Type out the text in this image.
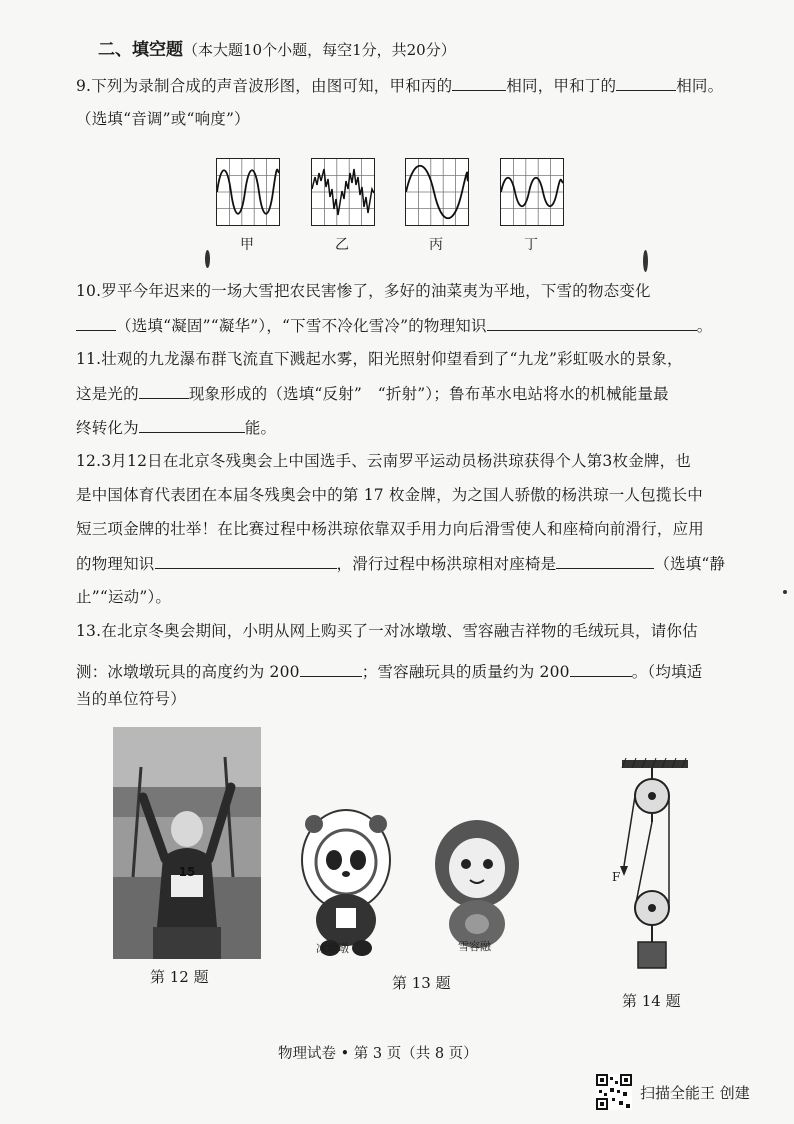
二、填空题（本大题10个小题，每空1分，共20分）
9.下列为录制合成的声音波形图，由图可知，甲和丙的	相同，甲和丁的	相同。
（选填“音调”或“响度”）
甲	乙	丙	丁
10.罗平今年迟来的一场大雪把农民害惨了，多好的油菜夷为平地，下雪的物态变化
（选填“凝固”“凝华”），“下雪不冷化雪冷”的物理知识	。
11.壮观的九龙瀑布群飞流直下溅起水雾，阳光照射仰望看到了“九龙”彩虹吸水的景象，
这是光的	现象形成的（选填“反射”　“折射”）；鲁布革水电站将水的机械能量最
终转化为	能。
12.3月12日在北京冬残奥会上中国选手、云南罗平运动员杨洪琼获得个人第3枚金牌，也
是中国体育代表团在本届冬残奥会中的第 17 枚金牌，为之国人骄傲的杨洪琼一人包揽长中
短三项金牌的壮举！在比赛过程中杨洪琼依靠双手用力向后滑雪使人和座椅向前滑行，应用
的物理知识	，滑行过程中杨洪琼相对座椅是	（选填“静
止”“运动”）。
13.在北京冬奥会期间，小明从网上购买了一对冰墩墩、雪容融吉祥物的毛绒玩具，请你估
测：冰墩墩玩具的高度约为 200	；雪容融玩具的质量约为 200	。（均填适
当的单位符号）
15
第 12 题
冰墩墩	雪容融
第 13 题
F
第 14 题
物理试卷 • 第 3 页（共 8 页）
扫描全能王 创建
